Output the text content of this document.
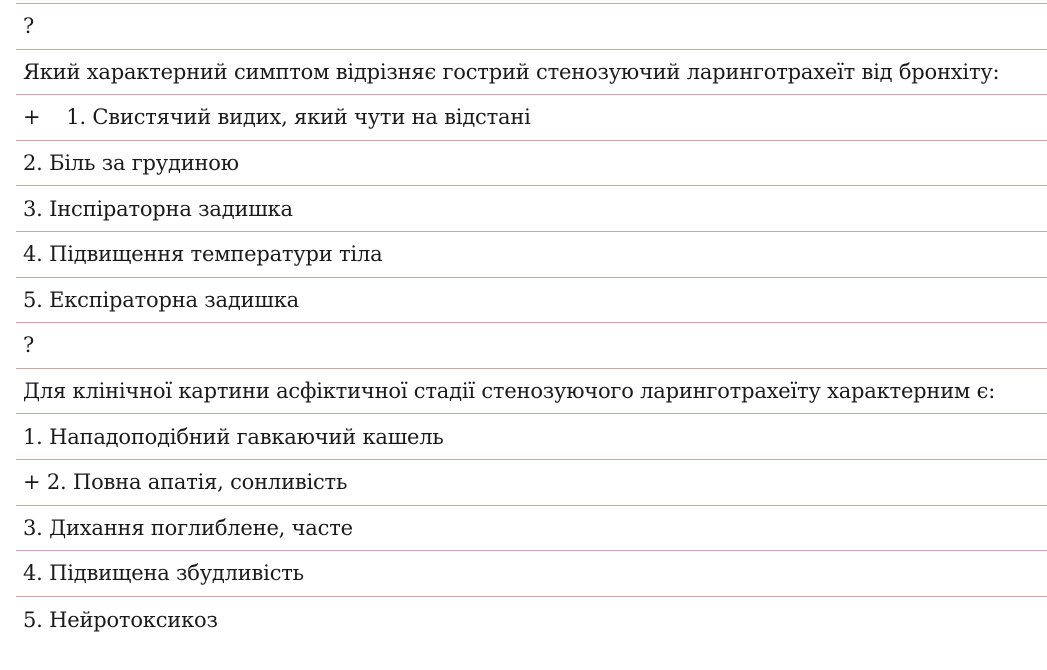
?
Який характерний симптом відрізняє гострий стенозуючий ларинготрахеїт від бронхіту:
+    1. Свистячий видих, який чути на відстані
2. Біль за грудиною
3. Інспіраторна задишка
4. Підвищення температури тіла
5. Експіраторна задишка
?
Для клінічної картини асфіктичної стадії стенозуючого ларинготрахеїту характерним є:
1. Нападоподібний гавкаючий кашель
+ 2. Повна апатія, сонливість
3. Дихання поглиблене, часте
4. Підвищена збудливість
5. Нейротоксикоз
